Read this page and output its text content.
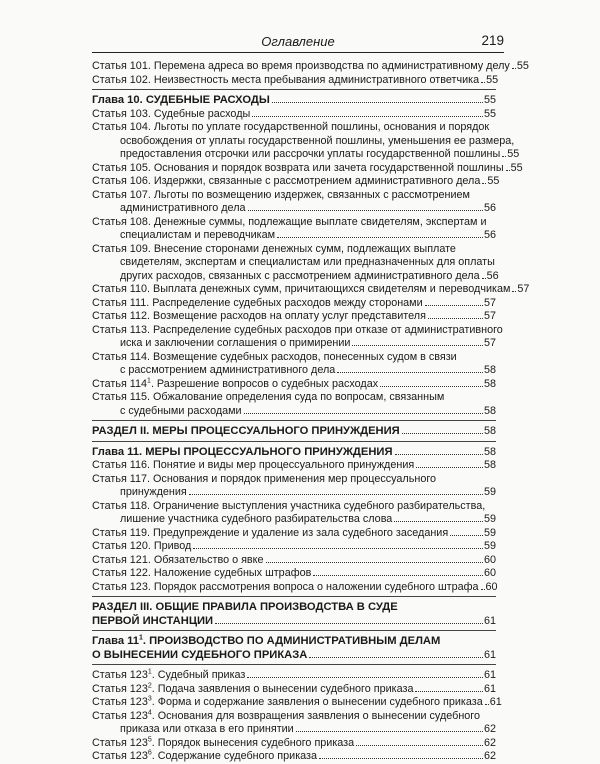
Оглавление	219
Статья 101. Перемена адреса во время производства по административному делу 55
Статья 102. Неизвестность места пребывания административного ответчика 55
Глава 10. СУДЕБНЫЕ РАСХОДЫ	55
Статья 103. Судебные расходы	55
Статья 104. Льготы по уплате государственной пошлины, основания и порядок
освобождения от уплаты государственной пошлины, уменьшения ее размера,
предоставления отсрочки или рассрочки уплаты государственной пошлины 55
Статья 105. Основания и порядок возврата или зачета государственной пошлины 55
Статья 106. Издержки, связанные с рассмотрением административного дела 55
Статья 107. Льготы по возмещению издержек, связанных с рассмотрением
административного дела	56
Статья 108. Денежные суммы, подлежащие выплате свидетелям, экспертам и
специалистам и переводчикам	56
Статья 109. Внесение сторонами денежных сумм, подлежащих выплате
свидетелям, экспертам и специалистам или предназначенных для оплаты
других расходов, связанных с рассмотрением административного дела 56
Статья 110. Выплата денежных сумм, причитающихся свидетелям и переводчикам 57
Статья 111. Распределение судебных расходов между сторонами	57
Статья 112. Возмещение расходов на оплату услуг представителя	57
Статья 113. Распределение судебных расходов при отказе от административного
иска и заключении соглашения о примирении	57
Статья 114. Возмещение судебных расходов, понесенных судом в связи
с рассмотрением административного дела	58
Статья $114^1$. Разрешение вопросов о судебных расходах	58
Статья 115. Обжалование определения суда по вопросам, связанным
с судебными расходами	58
РАЗДЕЛ II. МЕРЫ ПРОЦЕССУАЛЬНОГО ПРИНУЖДЕНИЯ	58
Глава 11. МЕРЫ ПРОЦЕССУАЛЬНОГО ПРИНУЖДЕНИЯ	58
Статья 116. Понятие и виды мер процессуального принуждения	58
Статья 117. Основания и порядок применения мер процессуального
принуждения	59
Статья 118. Ограничение выступления участника судебного разбирательства,
лишение участника судебного разбирательства слова	59
Статья 119. Предупреждение и удаление из зала судебного заседания	59
Статья 120. Привод	59
Статья 121. Обязательство о явке	60
Статья 122. Наложение судебных штрафов	60
Статья 123. Порядок рассмотрения вопроса о наложении судебного штрафа 60
РАЗДЕЛ III. ОБЩИЕ ПРАВИЛА ПРОИЗВОДСТВА В СУДЕ
ПЕРВОЙ ИНСТАНЦИИ	61
Глава $11^1$. ПРОИЗВОДСТВО ПО АДМИНИСТРАТИВНЫМ ДЕЛАМ
О ВЫНЕСЕНИИ СУДЕБНОГО ПРИКАЗА	61
Статья $123^1$. Судебный приказ	61
Статья $123^2$. Подача заявления о вынесении судебного приказа	61
Статья $123^3$. Форма и содержание заявления о вынесении судебного приказа 61
Статья $123^4$. Основания для возвращения заявления о вынесении судебного
приказа или отказа в его принятии	62
Статья $123^5$. Порядок вынесения судебного приказа	62
Статья $123^6$. Содержание судебного приказа	62
